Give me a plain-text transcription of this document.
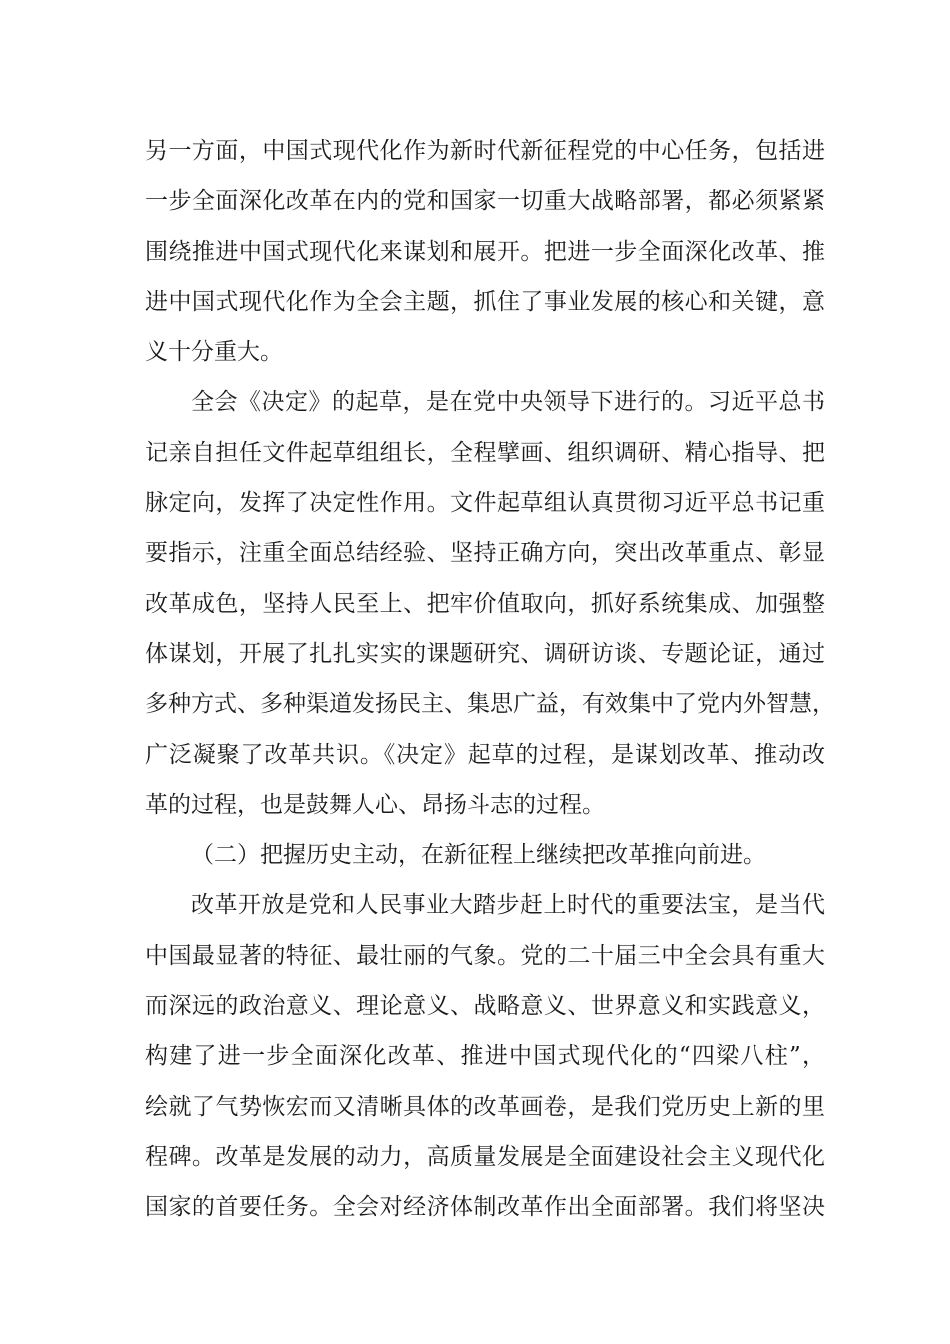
另一方面，中国式现代化作为新时代新征程党的中心任务，包括进
一步全面深化改革在内的党和国家一切重大战略部署，都必须紧紧
围绕推进中国式现代化来谋划和展开。把进一步全面深化改革、推
进中国式现代化作为全会主题，抓住了事业发展的核心和关键，意
义十分重大。
全会《决定》的起草，是在党中央领导下进行的。习近平总书
记亲自担任文件起草组组长，全程擘画、组织调研、精心指导、把
脉定向，发挥了决定性作用。文件起草组认真贯彻习近平总书记重
要指示，注重全面总结经验、坚持正确方向，突出改革重点、彰显
改革成色，坚持人民至上、把牢价值取向，抓好系统集成、加强整
体谋划，开展了扎扎实实的课题研究、调研访谈、专题论证，通过
多种方式、多种渠道发扬民主、集思广益，有效集中了党内外智慧，
广泛凝聚了改革共识。《决定》起草的过程，是谋划改革、推动改
革的过程，也是鼓舞人心、昂扬斗志的过程。
（二）把握历史主动，在新征程上继续把改革推向前进。
改革开放是党和人民事业大踏步赶上时代的重要法宝，是当代
中国最显著的特征、最壮丽的气象。党的二十届三中全会具有重大
而深远的政治意义、理论意义、战略意义、世界意义和实践意义，
构建了进一步全面深化改革、推进中国式现代化的“四梁八柱”，
绘就了气势恢宏而又清晰具体的改革画卷，是我们党历史上新的里
程碑。改革是发展的动力，高质量发展是全面建设社会主义现代化
国家的首要任务。全会对经济体制改革作出全面部署。我们将坚决
